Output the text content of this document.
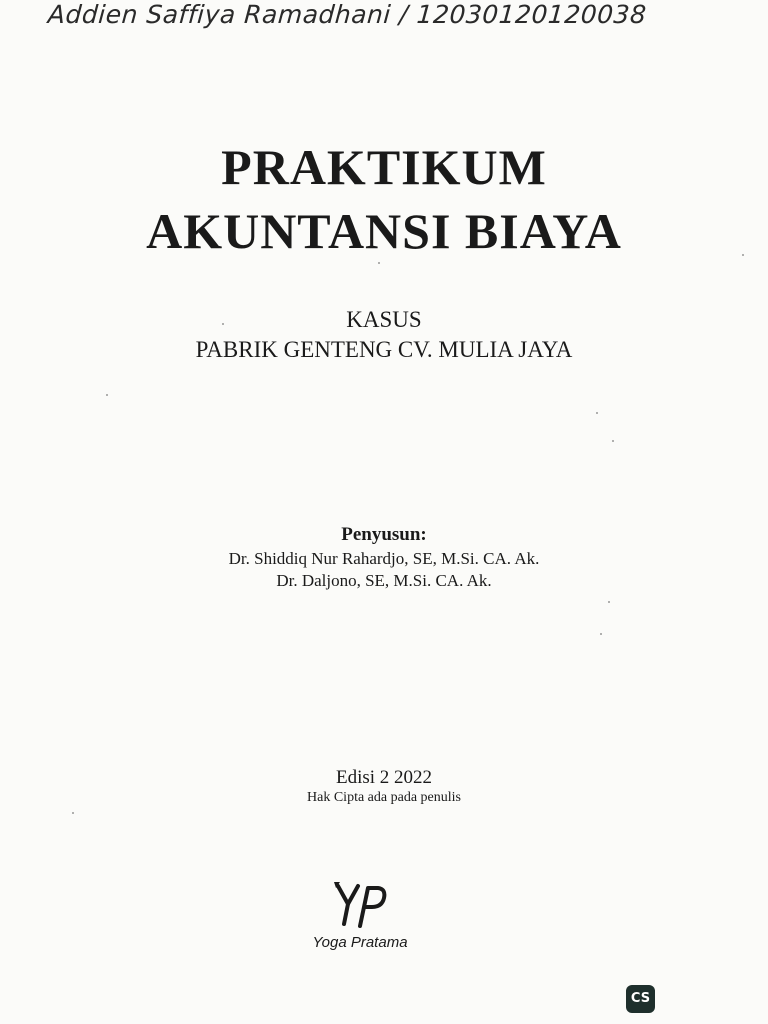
Addien Saffiya Ramadhani / 12030120120038
PRAKTIKUM
AKUNTANSI BIAYA
KASUS
PABRIK GENTENG CV. MULIA JAYA
Penyusun:
Dr. Shiddiq Nur Rahardjo, SE, M.Si. CA. Ak.
Dr. Daljono, SE, M.Si. CA. Ak.
Edisi 2 2022
Hak Cipta ada pada penulis
Yoga Pratama
CS
